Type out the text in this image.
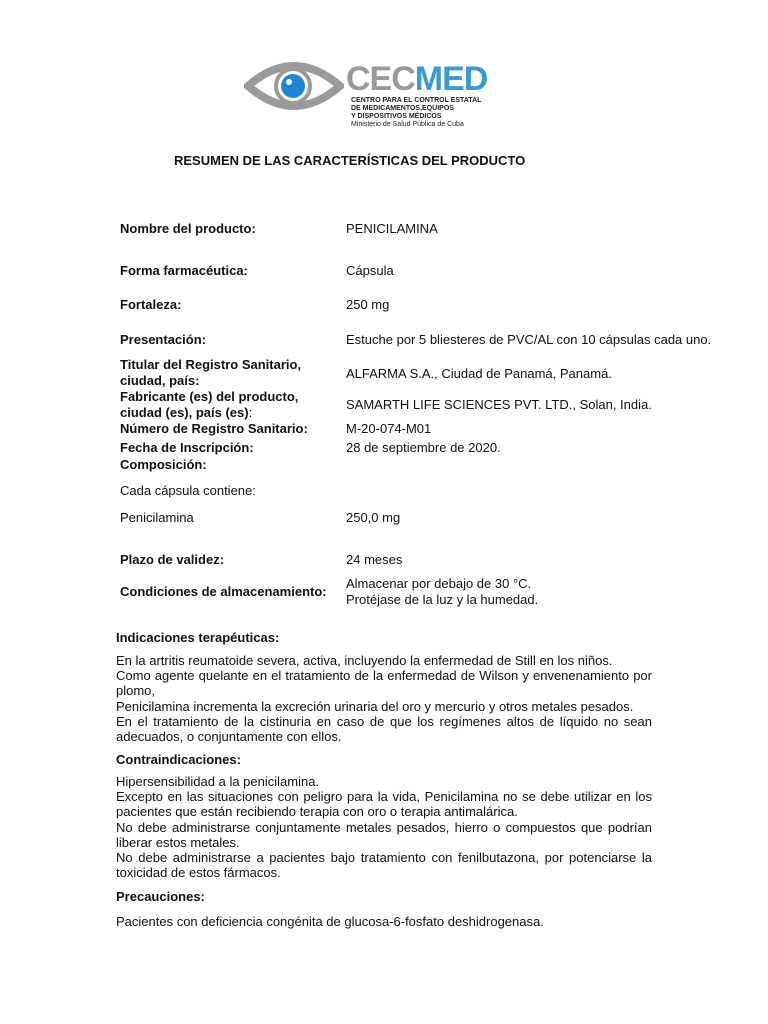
CECMED
CENTRO PARA EL CONTROL ESTATAL
DE MEDICAMENTOS,EQUIPOS
Y DISPOSITIVOS MÉDICOS
Ministerio de Salud Pública de Cuba
RESUMEN DE LAS CARACTERÍSTICAS DEL PRODUCTO
Nombre del producto:	PENICILAMINA
Forma farmacéutica:	Cápsula
Fortaleza:	250 mg
Presentación:	Estuche por 5 bliesteres de PVC/AL con 10 cápsulas cada uno.
Titular del Registro Sanitario,
ciudad, país:	ALFARMA S.A., Ciudad de Panamá, Panamá.
Fabricante (es) del producto,
ciudad (es), país (es):
SAMARTH LIFE SCIENCES PVT. LTD., Solan, India.
Número de Registro Sanitario:	M-20-074-M01
Fecha de Inscripción:	28 de septiembre de 2020.
Composición:
Cada cápsula contiene:
Penicilamina	250,0 mg
Plazo de validez:	24 meses
Condiciones de almacenamiento:
Almacenar por debajo de 30 °C.
Protéjase de la luz y la humedad.
Indicaciones terapéuticas:

En la artritis reumatoide severa, activa, incluyendo la enfermedad de Still en los niños.

Como agente quelante en el tratamiento de la enfermedad de Wilson y envenenamiento por plomo,

Penicilamina incrementa la excreción urinaria del oro y mercurio y otros metales pesados.

En el tratamiento de la cistinuria en caso de que los regímenes altos de líquido no sean adecuados, o conjuntamente con ellos.

Contraindicaciones:

Hipersensibilidad a la penicilamina.

Excepto en las situaciones con peligro para la vida, Penicilamina no se debe utilizar en los pacientes que están recibiendo terapia con oro o terapia antimalárica.

No debe administrarse conjuntamente metales pesados, hierro o compuestos que podrían liberar estos metales.

No debe administrarse a pacientes bajo tratamiento con fenilbutazona, por potenciarse la toxicidad de estos fármacos.

Precauciones:

Pacientes con deficiencia congénita de glucosa-6-fosfato deshidrogenasa.
